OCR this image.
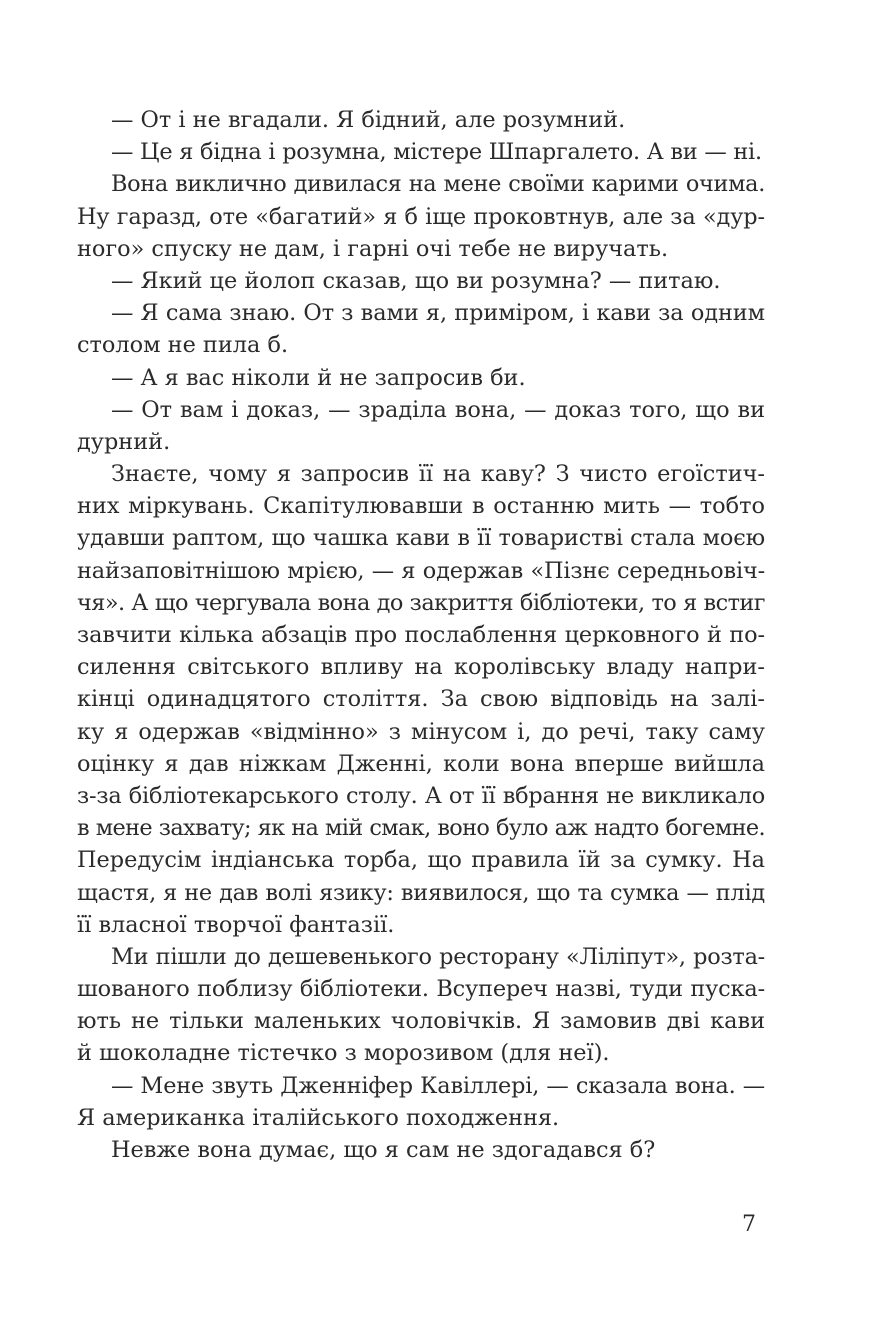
— От і не вгадали. Я бідний, але розумний.
— Це я бідна і розумна, містере Шпаргалето. А ви — ні.
Вона виклично дивилася на мене своїми карими очима.
Ну гаразд, оте «багатий» я б іще проковтнув, але за «дур-
ного» спуску не дам, і гарні очі тебе не виручать.
— Який це йолоп сказав, що ви розумна? — питаю.
— Я сама знаю. От з вами я, приміром, і кави за одним
столом не пила б.
— А я вас ніколи й не запросив би.
— От вам і доказ, — зраділа вона, — доказ того, що ви
дурний.
Знаєте, чому я запросив її на каву? З чисто егоїстич-
них міркувань. Скапітулювавши в останню мить — тобто
удавши раптом, що чашка кави в її товаристві стала моєю
найзаповітнішою мрією, — я одержав «Пізнє середньовіч-
чя». А що чергувала вона до закриття бібліотеки, то я встиг
завчити кілька абзаців про послаблення церковного й по-
силення світського впливу на королівську владу напри-
кінці одинадцятого століття. За свою відповідь на залі-
ку я одержав «відмінно» з мінусом і, до речі, таку саму
оцінку я дав ніжкам Дженні, коли вона вперше вийшла
з-за бібліотекарського столу. А от її вбрання не викликало
в мене захвату; як на мій смак, воно було аж надто богемне.
Передусім індіанська торба, що правила їй за сумку. На
щастя, я не дав волі язику: виявилося, що та сумка — плід
її власної творчої фантазії.
Ми пішли до дешевенького ресторану «Ліліпут», розта-
шованого поблизу бібліотеки. Всупереч назві, туди пуска-
ють не тільки маленьких чоловічків. Я замовив дві кави
й шоколадне тістечко з морозивом (для неї).
— Мене звуть Дженніфер Кавіллері, — сказала вона. —
Я американка італійського походження.
Невже вона думає, що я сам не здогадався б?
7
